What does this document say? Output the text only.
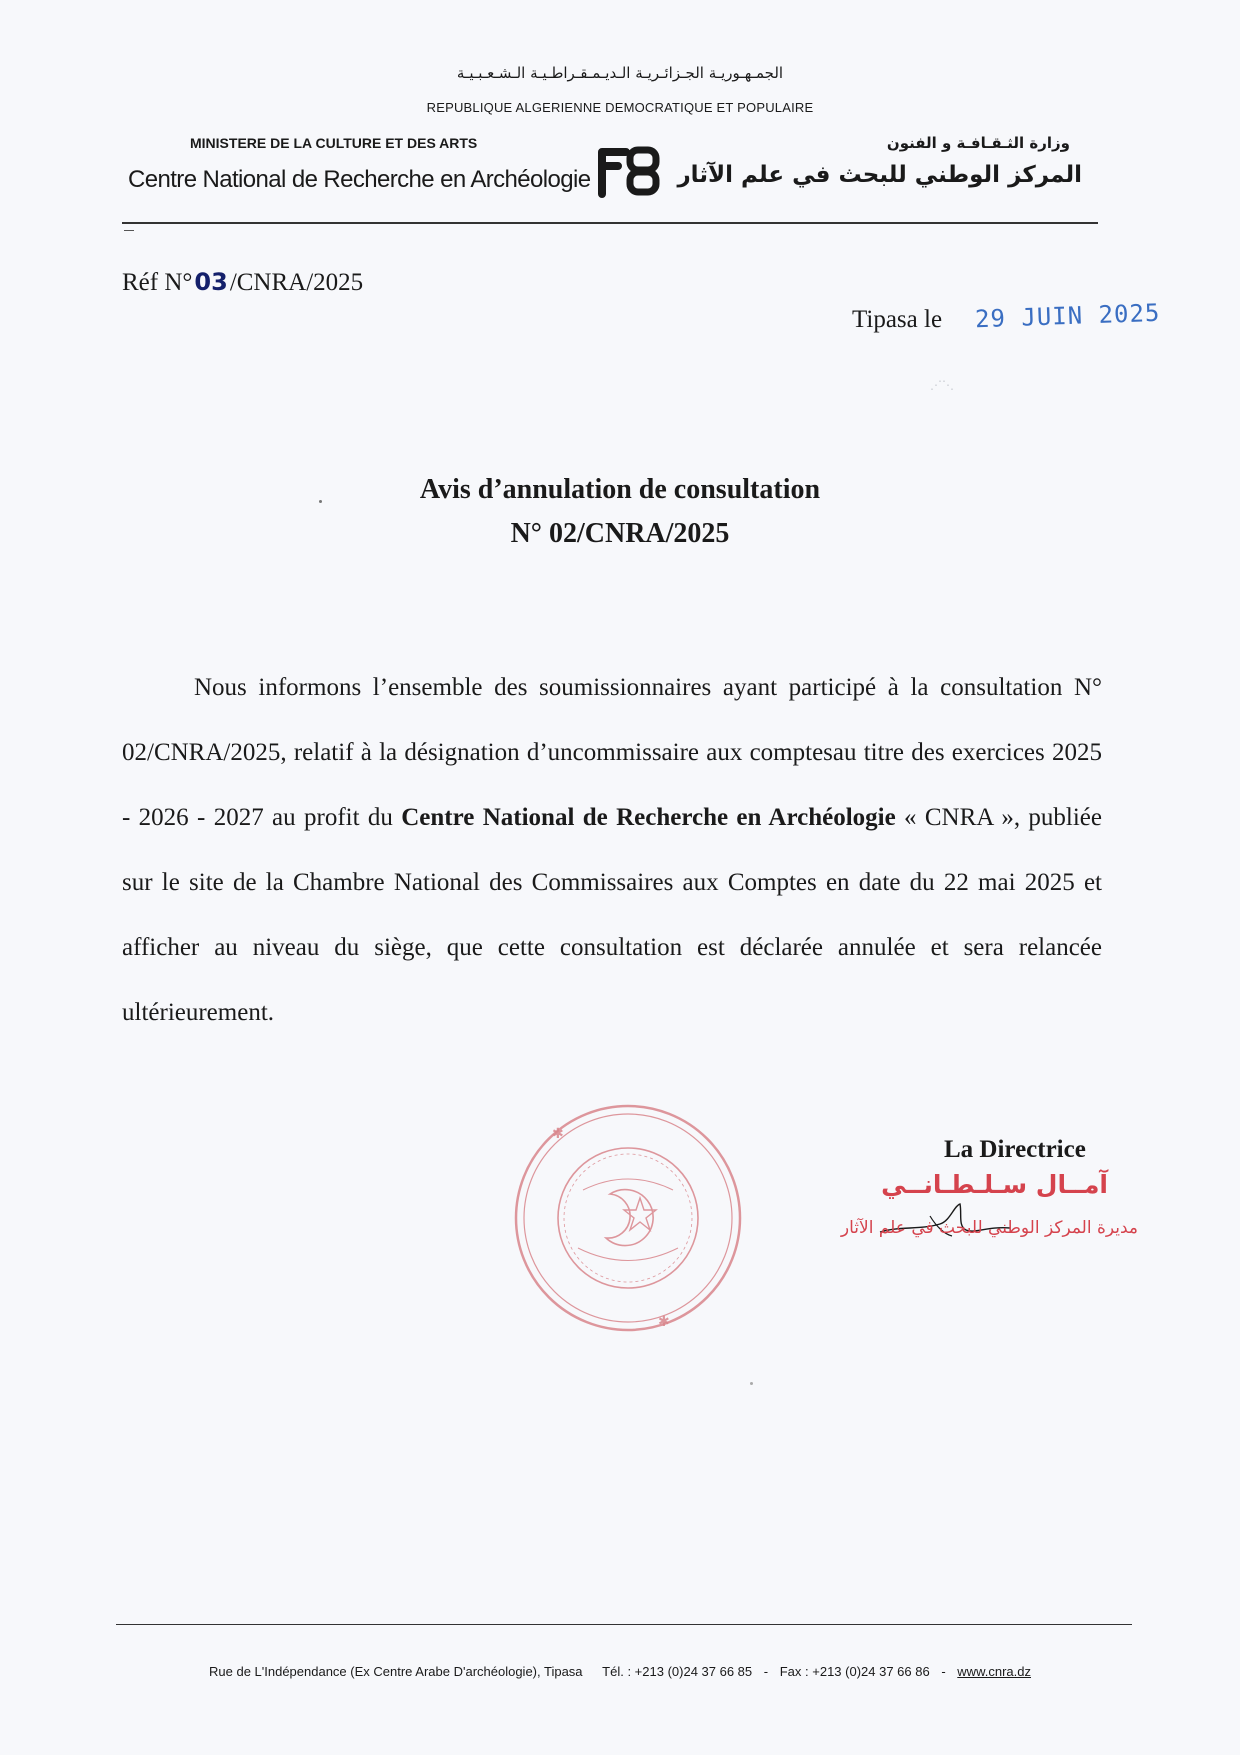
الجمـهـوريـة الجـزائـريـة الـديـمـقـراطـيـة الـشـعـبـيـة
REPUBLIQUE ALGERIENNE DEMOCRATIQUE ET POPULAIRE
MINISTERE DE LA CULTURE ET DES ARTS
Centre National de Recherche en Archéologie
وزارة الثـقـافـة و الفنون
المركز الوطني للبحث في علم الآثار
Réf N°03/CNRA/2025
Tipasa le 29 JUIN 2025
⋰⋱
Avis d’annulation de consultation
N° 02/CNRA/2025
Nous informons l’ensemble des soumissionnaires ayant participé à la consultation N° 02/CNRA/2025, relatif à la désignation d’uncommissaire aux comptesau titre des exercices 2025 - 2026 - 2027 au profit du Centre National de Recherche en Archéologie « CNRA », publiée sur le site de la Chambre National des Commissaires aux Comptes en date du 22 mai 2025 et afficher au niveau du siège, que cette consultation est déclarée annulée et sera relancée ultérieurement.
✱
✱
La Directrice
آمــال سـلـطـانــي
مديرة المركز الوطني للبحث في علم الآثار
Rue de L'Indépendance (Ex Centre Arabe D'archéologie), Tipasa Tél. : +213 (0)24 37 66 85 - Fax : +213 (0)24 37 66 86 - www.cnra.dz
